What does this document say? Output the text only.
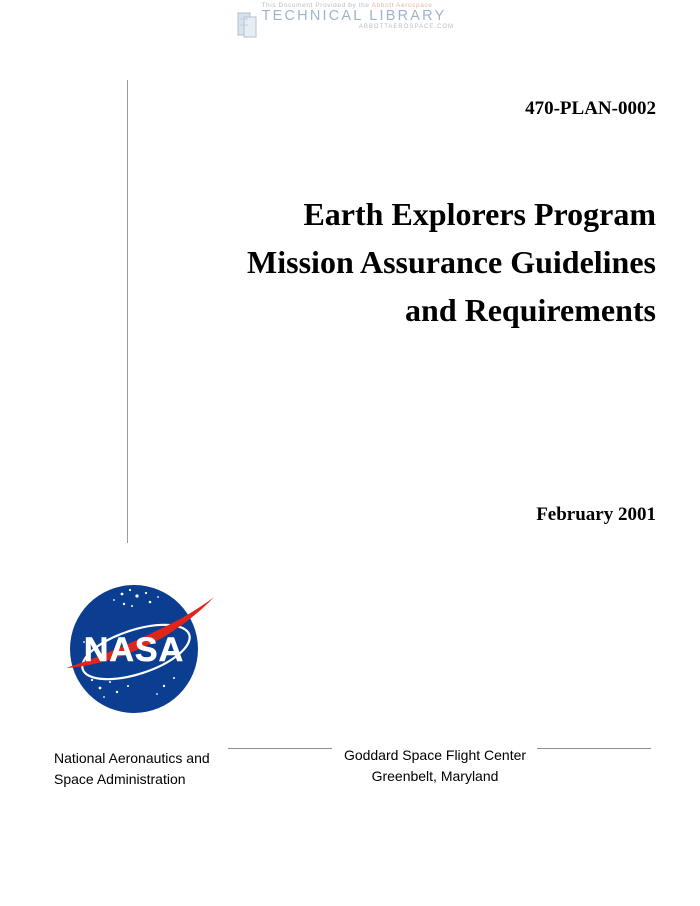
This Document Provided by the Abbott Aerospace
TECHNICAL LIBRARY
ABBOTTAEROSPACE.COM
470-PLAN-0002
Earth Explorers Program
Mission Assurance Guidelines
and Requirements
February 2001
NASA
National Aeronautics and
Space Administration
Goddard Space Flight Center
Greenbelt, Maryland
